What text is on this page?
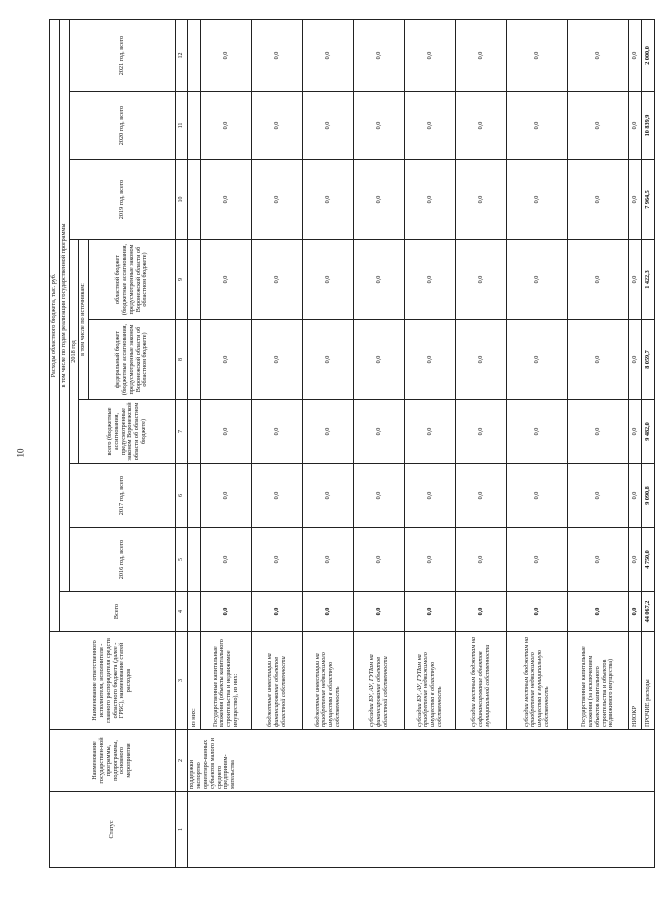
10
Статус	Наименование государствен-ной программы, подпрограммы, основного мероприятия	Наименование ответственного исполнителя, исполнителя - главного распорядителя средств областного бюджета (далее - ГРБС), наименование статей расходов	Расходы областного бюджета, тыс. руб.								
			Всего	в том числе по годам реализации государственной программы							
				2016 год, всего	2017 год, всего	2018 год			2019 год, всего	2020 год, всего	2021 год, всего
						всего (бюджетные ассигнования, предусмотренные законом Воронежской области об областном бюджете)	в том числе по источникам:				
							федеральный бюджет (бюджетные ассигнования, предусмотренные законом Воронежской области об областном бюджете)	областной бюджет (бюджетные ассигнования, предусмотренные законом Воронежской области об областном бюджете)			
1	2	3	4	5	6	7	8	9	10	11	12
	поддержки экспортно ориентиро-ванных субъектов малого и среднего предприним-мательства	из них:									
		Государственные капитальные вложения (объекты капитального строительства и недвижимое имущество), из них:	0,0	0,0	0,0	0,0	0,0	0,0	0,0	0,0	0,0
		бюджетные инвестиции на финансирование объектов областной собственности	0,0	0,0	0,0	0,0	0,0	0,0	0,0	0,0	0,0
		бюджетные инвестиции на приобретение недвижимого имущества в областную собственность	0,0	0,0	0,0	0,0	0,0	0,0	0,0	0,0	0,0
		субсидии БУ, АУ, ГУПам на финансирование объектов областной собственности	0,0	0,0	0,0	0,0	0,0	0,0	0,0	0,0	0,0
		субсидии БУ, АУ, ГУПам на приобретение недвижимого имущества в областную собственность	0,0	0,0	0,0	0,0	0,0	0,0	0,0	0,0	0,0
		субсидии местным бюджетам на софинансирование объектов муниципальной собственности	0,0	0,0	0,0	0,0	0,0	0,0	0,0	0,0	0,0
		субсидии местным бюджетам на приобретение недвижимого имущества в муниципальную собственность	0,0	0,0	0,0	0,0	0,0	0,0	0,0	0,0	0,0
		Государственные капитальные вложения (за исключением объектов капитального строительства и объектов недвижимого имущества)	0,0	0,0	0,0	0,0	0,0	0,0	0,0	0,0	0,0
		НИОКР	0,0	0,0	0,0	0,0	0,0	0,0	0,0	0,0	0,0
		ПРОЧИЕ расходы	44 067,2	4 750,0	9 090,8	9 482,0	8 059,7	1 422,3	7 964,5	10 839,9	2 000,0
